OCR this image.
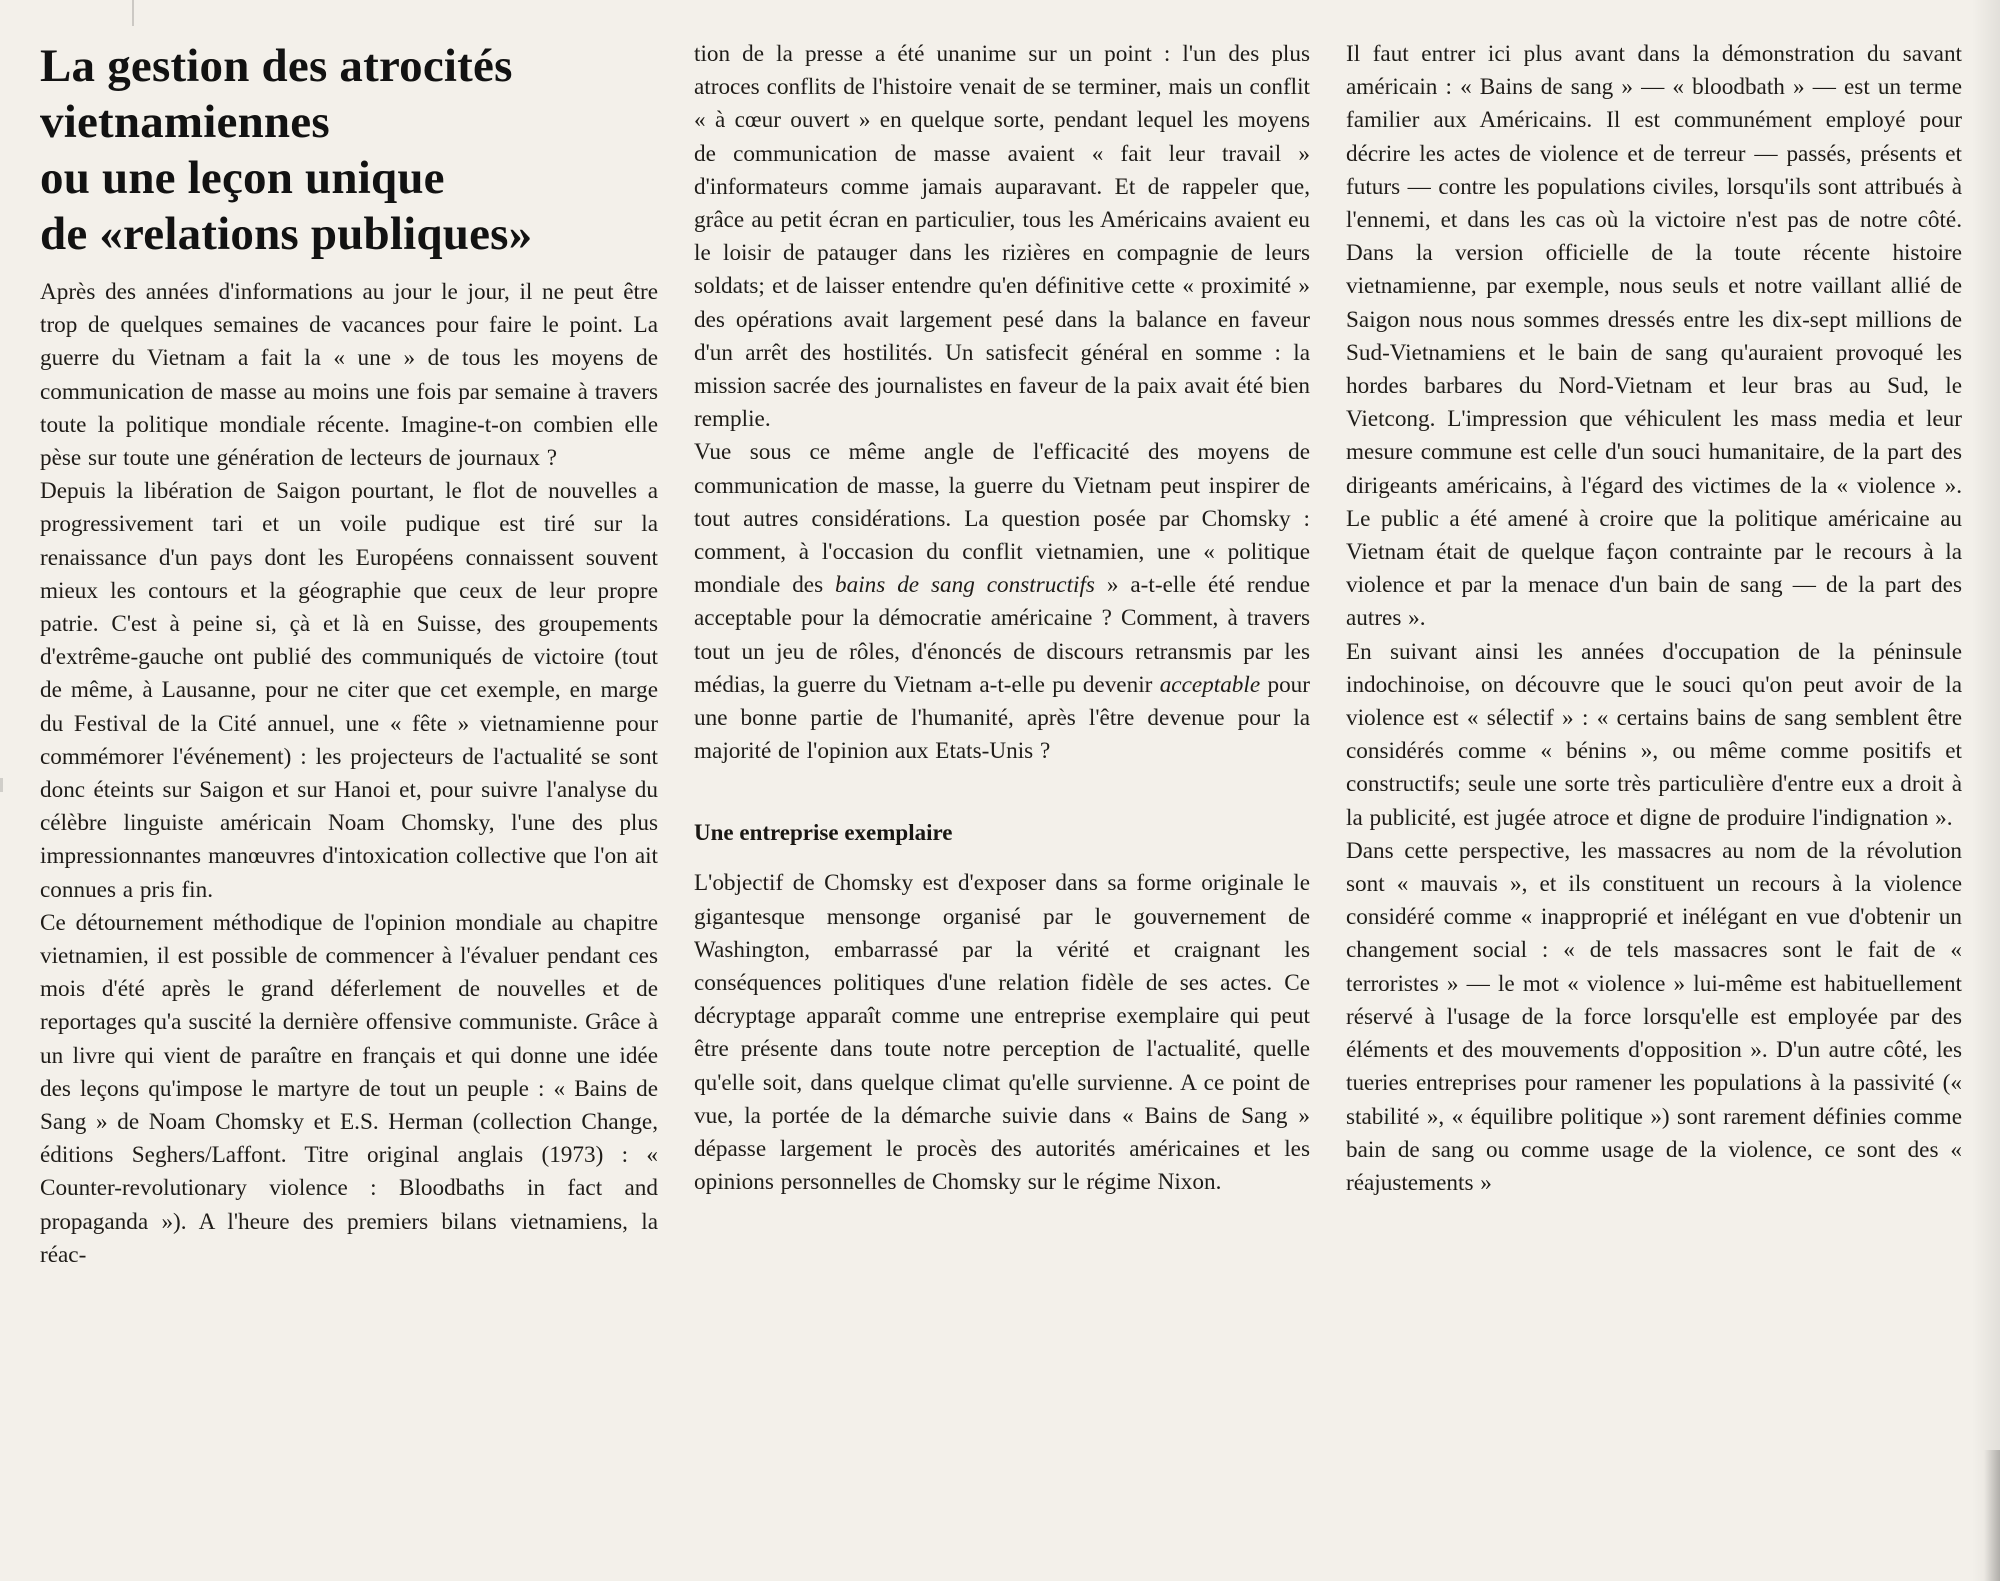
La gestion des atrocités
vietnamiennes
ou une leçon unique
de «relations publiques»

Après des années d'informations au jour le jour, il ne peut être trop de quelques semaines de vacances pour faire le point. La guerre du Vietnam a fait la « une » de tous les moyens de communication de masse au moins une fois par semaine à travers toute la politique mondiale récente. Imagine-t-on combien elle pèse sur toute une génération de lecteurs de journaux ?

Depuis la libération de Saigon pourtant, le flot de nouvelles a progressivement tari et un voile pudique est tiré sur la renaissance d'un pays dont les Européens connaissent souvent mieux les contours et la géographie que ceux de leur propre patrie. C'est à peine si, çà et là en Suisse, des groupements d'extrême-gauche ont publié des communiqués de victoire (tout de même, à Lausanne, pour ne citer que cet exemple, en marge du Festival de la Cité annuel, une « fête » vietnamienne pour commémorer l'événement) : les projecteurs de l'actualité se sont donc éteints sur Saigon et sur Hanoi et, pour suivre l'analyse du célèbre linguiste américain Noam Chomsky, l'une des plus impressionnantes manœuvres d'intoxication collective que l'on ait connues a pris fin.

Ce détournement méthodique de l'opinion mondiale au chapitre vietnamien, il est possible de commencer à l'évaluer pendant ces mois d'été après le grand déferlement de nouvelles et de reportages qu'a suscité la dernière offensive communiste. Grâce à un livre qui vient de paraître en français et qui donne une idée des leçons qu'impose le martyre de tout un peuple : « Bains de Sang » de Noam Chomsky et E.S. Herman (collection Change, éditions Seghers/Laffont. Titre original anglais (1973) : « Counter-revolutionary violence : Bloodbaths in fact and propaganda »). A l'heure des premiers bilans vietnamiens, la réac-

tion de la presse a été unanime sur un point : l'un des plus atroces conflits de l'histoire venait de se terminer, mais un conflit « à cœur ouvert » en quelque sorte, pendant lequel les moyens de communication de masse avaient « fait leur travail » d'informateurs comme jamais auparavant. Et de rappeler que, grâce au petit écran en particulier, tous les Américains avaient eu le loisir de patauger dans les rizières en compagnie de leurs soldats; et de laisser entendre qu'en définitive cette « proximité » des opérations avait largement pesé dans la balance en faveur d'un arrêt des hostilités. Un satisfecit général en somme : la mission sacrée des journalistes en faveur de la paix avait été bien remplie.

Vue sous ce même angle de l'efficacité des moyens de communication de masse, la guerre du Vietnam peut inspirer de tout autres considérations. La question posée par Chomsky : comment, à l'occasion du conflit vietnamien, une « politique mondiale des bains de sang constructifs » a-t-elle été rendue acceptable pour la démocratie américaine ? Comment, à travers tout un jeu de rôles, d'énoncés de discours retransmis par les médias, la guerre du Vietnam a-t-elle pu devenir acceptable pour une bonne partie de l'humanité, après l'être devenue pour la majorité de l'opinion aux Etats-Unis ?

Une entreprise exemplaire

L'objectif de Chomsky est d'exposer dans sa forme originale le gigantesque mensonge organisé par le gouvernement de Washington, embarrassé par la vérité et craignant les conséquences politiques d'une relation fidèle de ses actes. Ce décryptage apparaît comme une entreprise exemplaire qui peut être présente dans toute notre perception de l'actualité, quelle qu'elle soit, dans quelque climat qu'elle survienne. A ce point de vue, la portée de la démarche suivie dans « Bains de Sang » dépasse largement le procès des autorités américaines et les opinions personnelles de Chomsky sur le régime Nixon.

Il faut entrer ici plus avant dans la démonstration du savant américain : « Bains de sang » — « bloodbath » — est un terme familier aux Américains. Il est communément employé pour décrire les actes de violence et de terreur — passés, présents et futurs — contre les populations civiles, lorsqu'ils sont attribués à l'ennemi, et dans les cas où la victoire n'est pas de notre côté. Dans la version officielle de la toute récente histoire vietnamienne, par exemple, nous seuls et notre vaillant allié de Saigon nous nous sommes dressés entre les dix-sept millions de Sud-Vietnamiens et le bain de sang qu'auraient provoqué les hordes barbares du Nord-Vietnam et leur bras au Sud, le Vietcong. L'impression que véhiculent les mass media et leur mesure commune est celle d'un souci humanitaire, de la part des dirigeants américains, à l'égard des victimes de la « violence ». Le public a été amené à croire que la politique américaine au Vietnam était de quelque façon contrainte par le recours à la violence et par la menace d'un bain de sang — de la part des autres ».

En suivant ainsi les années d'occupation de la péninsule indochinoise, on découvre que le souci qu'on peut avoir de la violence est « sélectif » : « certains bains de sang semblent être considérés comme « bénins », ou même comme positifs et constructifs; seule une sorte très particulière d'entre eux a droit à la publicité, est jugée atroce et digne de produire l'indignation ».

Dans cette perspective, les massacres au nom de la révolution sont « mauvais », et ils constituent un recours à la violence considéré comme « inapproprié et inélégant en vue d'obtenir un changement social : « de tels massacres sont le fait de « terroristes » — le mot « violence » lui-même est habituellement réservé à l'usage de la force lorsqu'elle est employée par des éléments et des mouvements d'opposition ». D'un autre côté, les tueries entreprises pour ramener les populations à la passivité (« stabilité », « équilibre politique ») sont rarement définies comme bain de sang ou comme usage de la violence, ce sont des « réajustements »
